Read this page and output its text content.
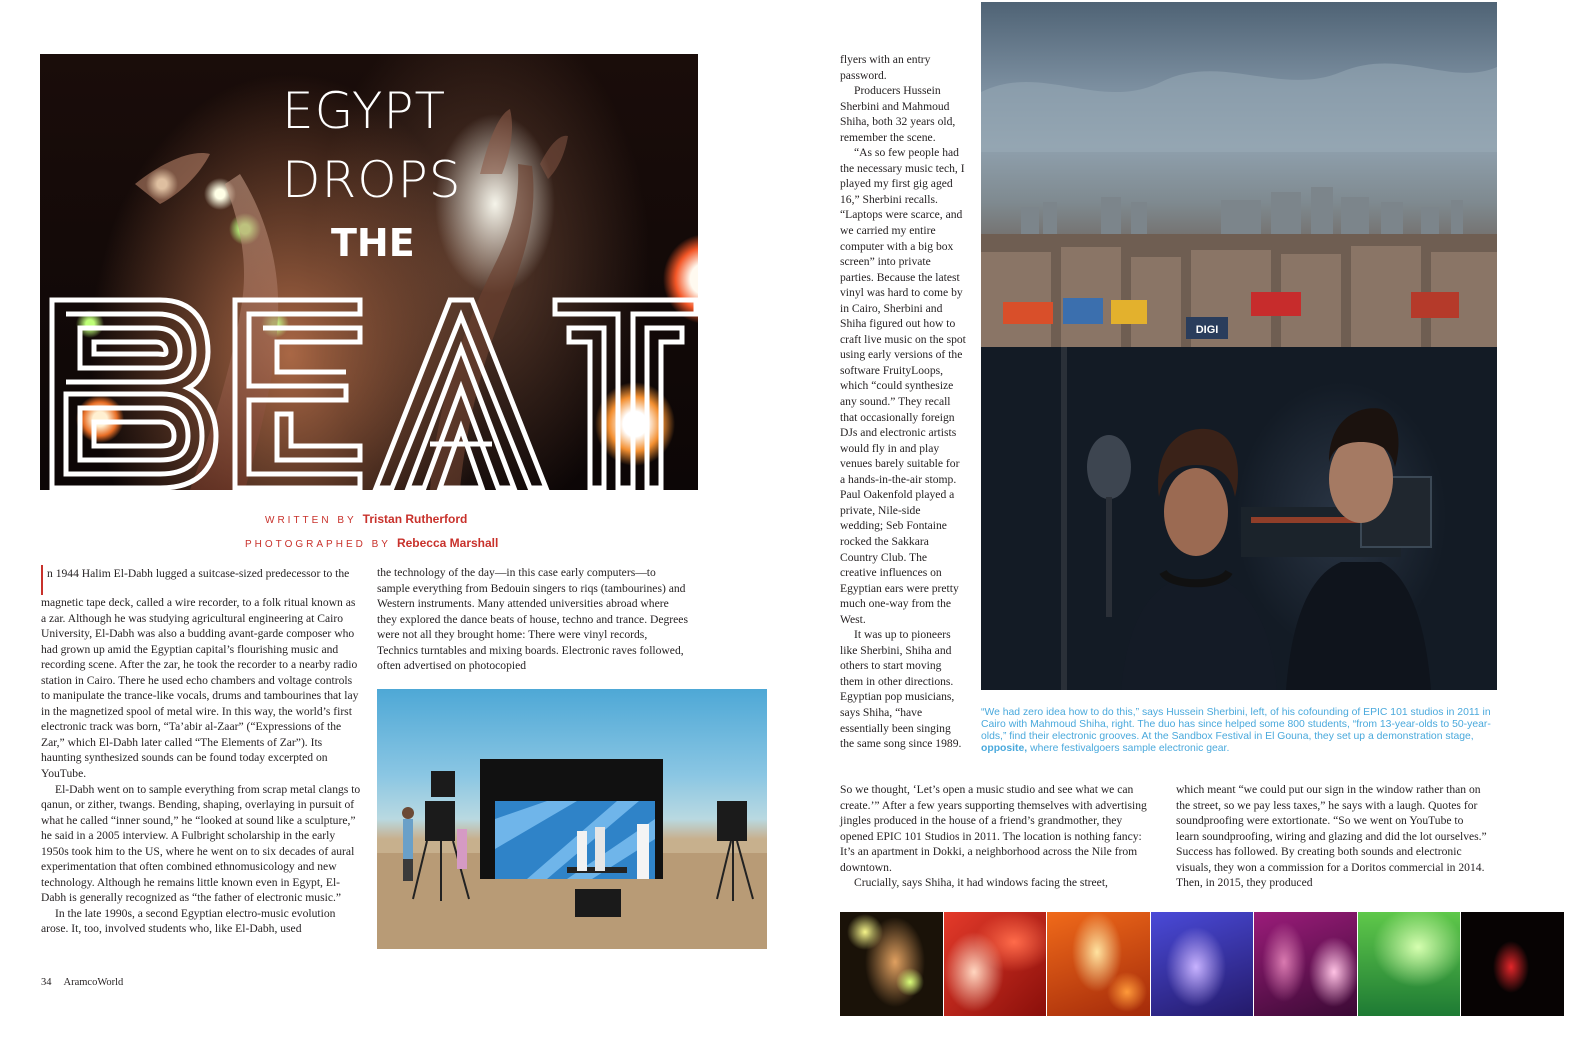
EGYPT
DROPS
THE
WRITTEN BY Tristan Rutherford
PHOTOGRAPHED BY Rebecca Marshall

n 1944 Halim El-Dabh lugged a suitcase-sized predecessor to the magnetic tape deck, called a wire recorder, to a folk ritual known as a zar. Although he was studying agricultural engineering at Cairo University, El-Dabh was also a budding avant-garde composer who had grown up amid the Egyptian capital’s flourishing music and recording scene. After the zar, he took the recorder to a nearby radio station in Cairo. There he used echo chambers and voltage controls to manipulate the trance-like vocals, drums and tambourines that lay in the magnetized spool of metal wire. In this way, the world’s first electronic track was born, “Ta’abir al-Zaar” (“Expressions of the Zar,” which El-Dabh later called “The Elements of Zar”). Its haunting synthesized sounds can be found today excerpted on YouTube.

El-Dabh went on to sample everything from scrap metal clangs to qanun, or zither, twangs. Bending, shaping, overlaying in pursuit of what he called “inner sound,” he “looked at sound like a sculpture,” he said in a 2005 interview. A Fulbright scholarship in the early 1950s took him to the US, where he went on to six decades of aural experimentation that often combined ethnomusicology and new technology. Although he remains little known even in Egypt, El-Dabh is generally recognized as “the father of electronic music.”

In the late 1990s, a second Egyptian electro-music evolution arose. It, too, involved students who, like El-Dabh, used

the technology of the day—in this case early computers—to sample everything from Bedouin singers to riqs (tambourines) and Western instruments. Many attended universities abroad where they explored the dance beats of house, techno and trance. Degrees were not all they brought home: There were vinyl records, Technics turntables and mixing boards. Electronic raves followed, often advertised on photocopied

flyers with an entry password.

Producers Hussein Sherbini and Mahmoud Shiha, both 32 years old, remember the scene.

“As so few people had the necessary music tech, I played my first gig aged 16,” Sherbini recalls. “Laptops were scarce, and we carried my entire computer with a big box screen” into private parties. Because the latest vinyl was hard to come by in Cairo, Sherbini and Shiha figured out how to craft live music on the spot using early versions of the software FruityLoops, which “could synthesize any sound.” They recall that occasionally foreign DJs and electronic artists would fly in and play venues barely suitable for a hands-in-the-air stomp. Paul Oakenfold played a private, Nile-side wedding; Seb Fontaine rocked the Sakkara Country Club. The creative influences on Egyptian ears were pretty much one-way from the West.

It was up to pioneers like Sherbini, Shiha and others to start moving them in other directions. Egyptian pop musicians, says Shiha, “have essentially been singing the same song since 1989.

So we thought, ‘Let’s open a music studio and see what we can create.’” After a few years supporting themselves with advertising jingles produced in the house of a friend’s grandmother, they opened EPIC 101 Studios in 2011. The location is nothing fancy: It’s an apartment in Dokki, a neighborhood across the Nile from downtown.

Crucially, says Shiha, it had windows facing the street,

which meant “we could put our sign in the window rather than on the street, so we pay less taxes,” he says with a laugh. Quotes for soundproofing were extortionate. “So we went on YouTube to learn soundproofing, wiring and glazing and did the lot ourselves.” Success has followed. By creating both sounds and electronic visuals, they won a commission for a Doritos commercial in 2014. Then, in 2015, they produced

DIGI
“We had zero idea how to do this,” says Hussein Sherbini, left, of his cofounding of EPIC 101 studios in 2011 in Cairo with Mahmoud Shiha, right. The duo has since helped some 800 students, “from 13-year-olds to 50-year-olds,” find their electronic grooves. At the Sandbox Festival in El Gouna, they set up a demonstration stage, opposite, where festivalgoers sample electronic gear.
34 AramcoWorld
